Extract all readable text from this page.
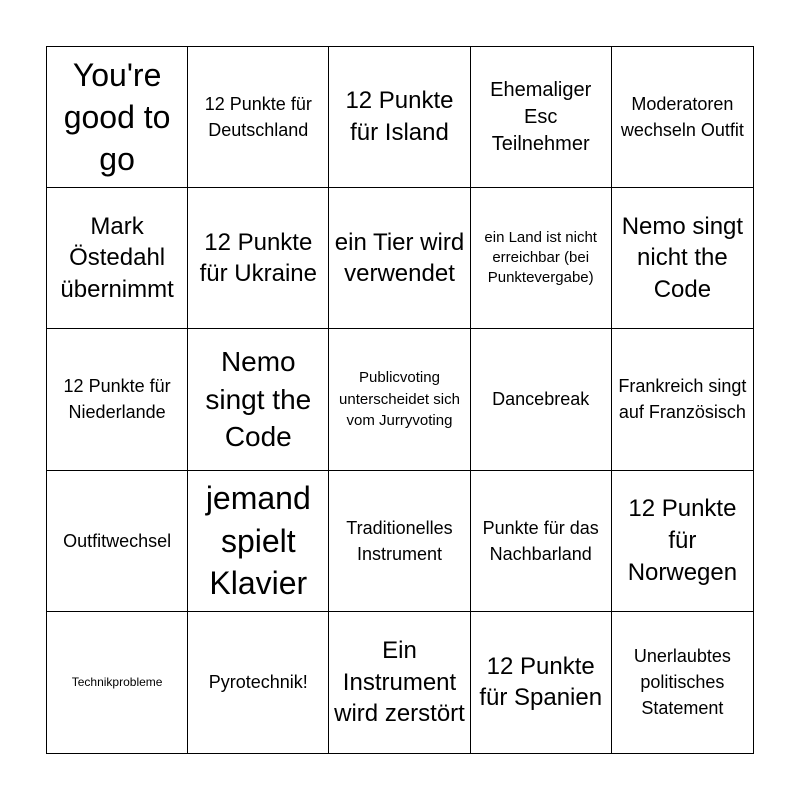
You're good to go
12 Punkte für Deutschland
12 Punkte für Island
Ehemaliger Esc Teilnehmer
Moderatoren wechseln Outfit
Mark Östedahl übernimmt
12 Punkte für Ukraine
ein Tier wird verwendet
ein Land ist nicht erreichbar (bei Punktevergabe)
Nemo singt nicht the Code
12 Punkte für Niederlande
Nemo singt the Code
Publicvoting unterscheidet sich vom Jurryvoting
Dancebreak
Frankreich singt auf Französisch
Outfitwechsel
jemand spielt Klavier
Traditionelles Instrument
Punkte für das Nachbarland
12 Punkte für Norwegen
Technikprobleme	Pyrotechnik!
Ein Instrument wird zerstört
12 Punkte für Spanien
Unerlaubtes politisches Statement
